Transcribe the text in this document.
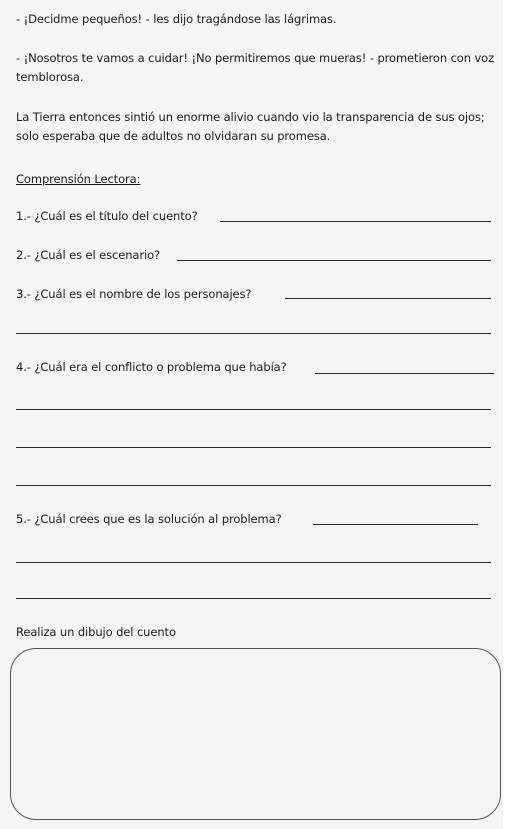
- ¡Decidme pequeños! - les dijo tragándose las lágrimas.
- ¡Nosotros te vamos a cuidar! ¡No permitiremos que mueras! - prometieron con voz temblorosa.
La Tierra entonces sintió un enorme alivio cuando vio la transparencia de sus ojos; solo esperaba que de adultos no olvidaran su promesa.
Comprensión Lectora:
1.- ¿Cuál es el título del cuento?
2.- ¿Cuál es el escenario?
3.- ¿Cuál es el nombre de los personajes?
4.- ¿Cuál era el conflicto o problema que había?
5.- ¿Cuál crees que es la solución al problema?
Realiza un dibujo del cuento
